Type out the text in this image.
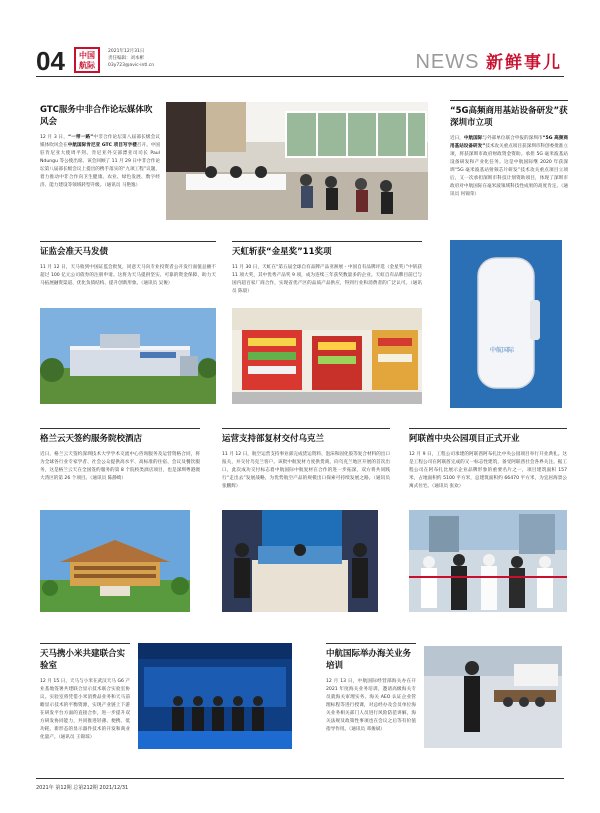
04	中国
航际
2021年12月31日
责任编辑：刘本彬
03y723@avic-intl.cn	NEWS 新鲜事儿
GTC服务中非合作论坛媒体吹风会
12 月 3 日，“一带一路”中非合作论坛第八届部长级会议媒体吹风会在中航国际肯尼亚 GTC 项目写字楼召开。中国驻肯尼亚大使周平剑、肯尼亚外交部漂亚司司长 Paul Ndungu 等公使出席。该会回顾了 11 月 29 日中非合作论坛第八届部长级会议上提出的携手落实的“九项工程”议题，着力推动中非合作向卫生健康、农业、绿色发展、数字经济、能力建设等领域转型升级。（通讯员 马艳逸）
“5G高频商用基站设备研发”获深圳市立项
近日，中航国际与外部单位联合申报的深圳市“5G 高频商用基站设备研发”技术攻关重点项目获深圳市科创委批准立项，将获深圳市政府财政资金资助。承担 5G 毫米波基站设备研发和产业化任务。这是中航国际继 2020 年获深圳“5G 毫米波基站射频芯片研发”技术攻关重点项目立项后，又一次承担深圳市科技计划资助项目，体现了深圳市政府对中航国际在毫米波领域科技性成果的高度肯定。（通讯员 何锦荣）
中航国际
证监会准天马发债
11 月 12 日，天马收到中国证监会批复，同意天马向专业投资者公开发行面值总额不超过 100 亿元公司债券的注册申请。这将为天马提供坚实、可靠的资金保障，助力天马拓展融资渠道、优化负债结构、提升创新形象。（通讯员 吴俊）
天虹斩获“金星奖”11奖项
11 月 30 日，天虹在“第五届全球自有品牌产品亚洲展 - 中国自有品牌评选（金星奖）”中斩获 11 项大奖，其中优秀产品奖 9 项，成为连续三年获奖数量多的企业。天虹自有品牌目前已与国内超百家厂商合作，实现省优产区的品质产品供应，得到行业和消费者的广泛认可。（通讯员 陈晨）
格兰云天签约服务院校酒店
近日，格兰云天签约深圳技术大学学术交流中心咨询服务及运营资格合同，将为全球各行业专家学者、社会公众提供高水平、高标准的住宿、会议及餐饮服务，这是格兰云天在全国签约服务的第 8 个院校类酒店项目，也是深圳粤港澳大湾区的第 26 个项目。（通讯员 陈静绮）
运营支持部复材交付乌克兰
11 月 12 日，航空运营支持事业部完成货运资料、泡沫和固化胶等复合材料的出口报关，并交付乌克兰客户。该批中航复材力度供货商，向乌克兰地区开展的首次出口，此次成功交付标志着中航国际中航复材在合作的进一步拓深，双方将共同践行“走出去”发展战略，为优势航空产品的规模出口探索可持续发展之路。（通讯员 张鹏辉）
阿联酋中央公园项目正式开业
12 月 9 日，工程公司承建的阿联酋阿布扎比中央公园项目举行开业典礼。这是工程公司在阿联酋完成的又一标志性建筑，备受阿联酋社会各界关注。据工程公司在阿布扎比展示企业品牌形象的重要名片之一，项目建筑面积 157 米，占地面积约 5100 平方米，总建筑面积约 66470 平方米，为宜居海景公寓式住宅。（通讯员 张欢）
天马携小米共建联合实验室
12 月 15 日，天马与小米在武汉天马 G6 产业基地签署共建联合显示技术联合实验室协议。实验室将凭借小米消费品业务和天马前瞻显示技术的平衡资源，实现产业链上下游在研发平台方面的直接合作，进一步提升双方研发协同能力，共同推进轻薄、便携、低功耗、新形态的显示器件技术的开发和商业化量产。（通讯员 王锦琼）
中航国际举办海关业务培训
12 月 13 日，中航国际经营部海关办在开 2021 年度海关业务培训，邀请高级海关专员就海关审理实务、海关 AEO 认证企业管理标程等进行授课，对总经办及会员单位海关业务相关部门人员进行风险防范讲解，海关法规及政策性事项也在会议之后等有价值指导作用。（通讯员 邓俊斌）
2021年 第12期 总第212期 2021/12/31
